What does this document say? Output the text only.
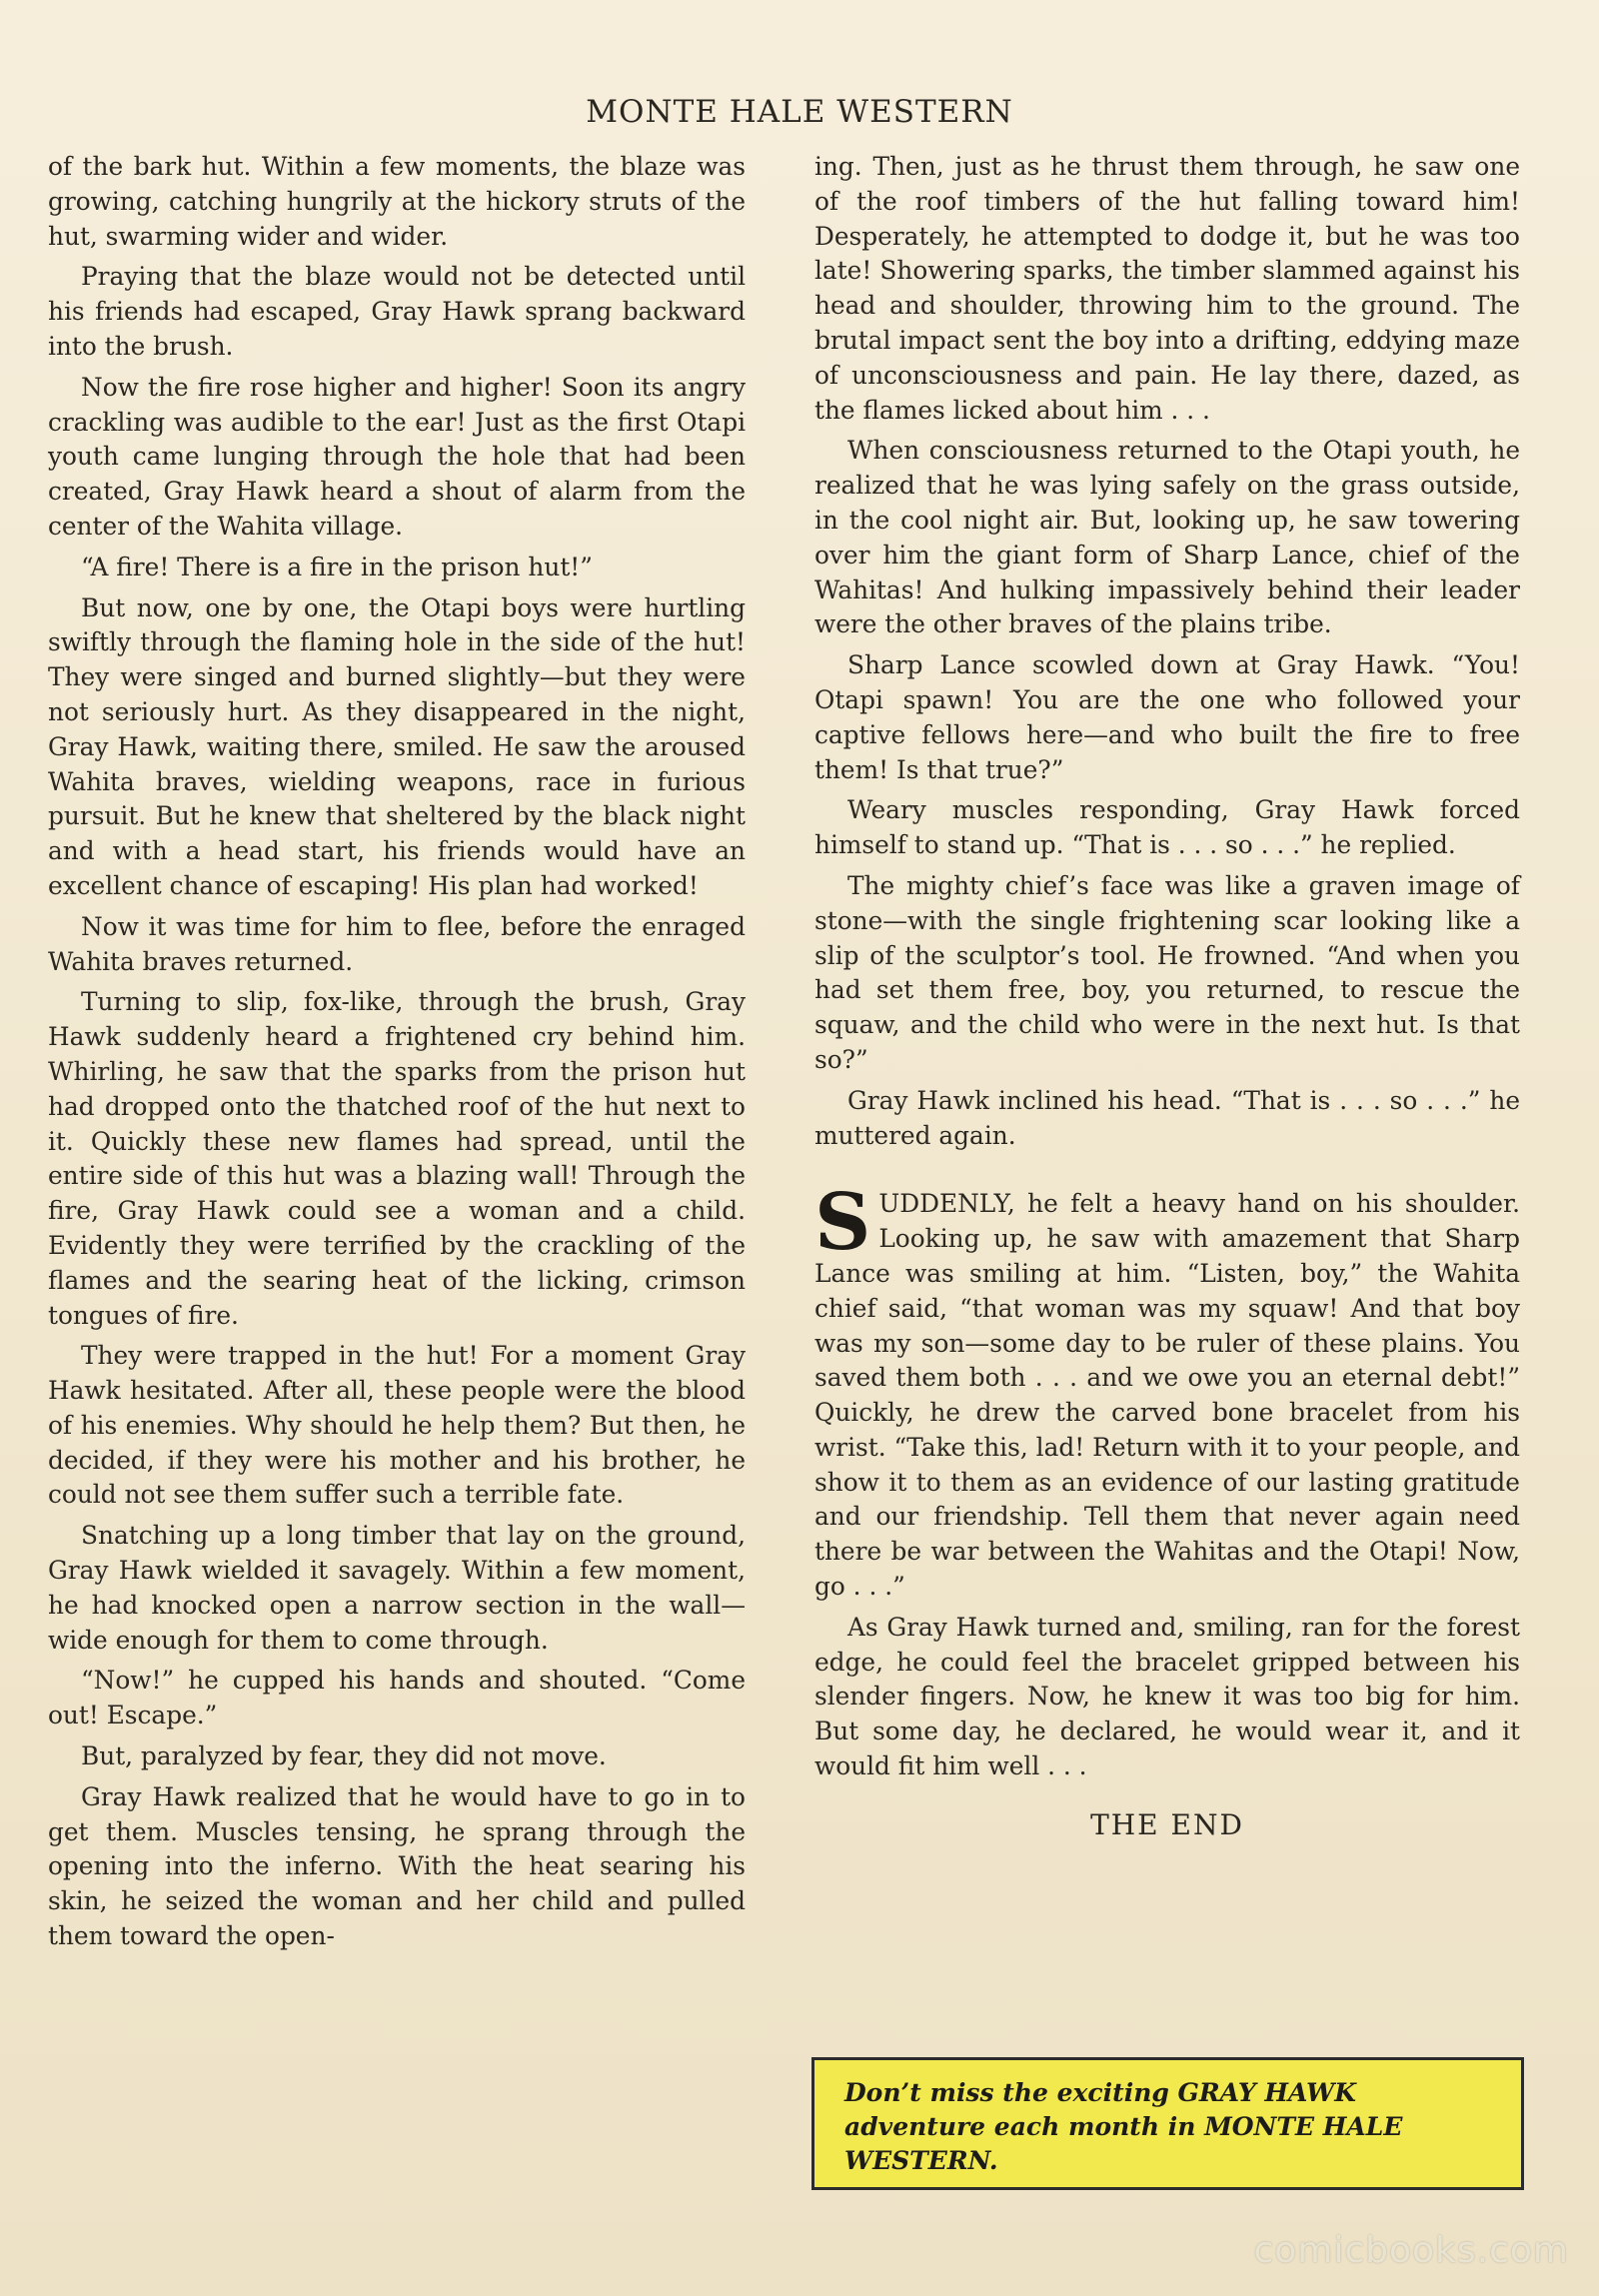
MONTE HALE WESTERN

of the bark hut. Within a few moments, the blaze was growing, catching hungrily at the hickory struts of the hut, swarming wider and wider.

Praying that the blaze would not be detected until his friends had escaped, Gray Hawk sprang backward into the brush.

Now the fire rose higher and higher! Soon its angry crackling was audible to the ear! Just as the first Otapi youth came lunging through the hole that had been created, Gray Hawk heard a shout of alarm from the center of the Wahita village.

“A fire! There is a fire in the prison hut!”

But now, one by one, the Otapi boys were hurtling swiftly through the flaming hole in the side of the hut! They were singed and burned slightly—but they were not seriously hurt. As they disappeared in the night, Gray Hawk, waiting there, smiled. He saw the aroused Wahita braves, wielding weapons, race in furious pursuit. But he knew that sheltered by the black night and with a head start, his friends would have an excellent chance of escaping! His plan had worked!

Now it was time for him to flee, before the enraged Wahita braves returned.

Turning to slip, fox-like, through the brush, Gray Hawk suddenly heard a frightened cry behind him. Whirling, he saw that the sparks from the prison hut had dropped onto the thatched roof of the hut next to it. Quickly these new flames had spread, until the entire side of this hut was a blazing wall! Through the fire, Gray Hawk could see a woman and a child. Evidently they were terrified by the crackling of the flames and the searing heat of the licking, crimson tongues of fire.

They were trapped in the hut! For a moment Gray Hawk hesitated. After all, these people were the blood of his enemies. Why should he help them? But then, he decided, if they were his mother and his brother, he could not see them suffer such a terrible fate.

Snatching up a long timber that lay on the ground, Gray Hawk wielded it savagely. Within a few moment, he had knocked open a narrow section in the wall—wide enough for them to come through.

“Now!” he cupped his hands and shouted. “Come out! Escape.”

But, paralyzed by fear, they did not move.

Gray Hawk realized that he would have to go in to get them. Muscles tensing, he sprang through the opening into the inferno. With the heat searing his skin, he seized the woman and her child and pulled them toward the open-

ing. Then, just as he thrust them through, he saw one of the roof timbers of the hut falling toward him! Desperately, he attempted to dodge it, but he was too late! Showering sparks, the timber slammed against his head and shoulder, throwing him to the ground. The brutal impact sent the boy into a drifting, eddying maze of unconsciousness and pain. He lay there, dazed, as the flames licked about him . . .

When consciousness returned to the Otapi youth, he realized that he was lying safely on the grass outside, in the cool night air. But, looking up, he saw towering over him the giant form of Sharp Lance, chief of the Wahitas! And hulking impassively behind their leader were the other braves of the plains tribe.

Sharp Lance scowled down at Gray Hawk. “You! Otapi spawn! You are the one who followed your captive fellows here—and who built the fire to free them! Is that true?”

Weary muscles responding, Gray Hawk forced himself to stand up. “That is . . . so . . .” he replied.

The mighty chief’s face was like a graven image of stone—with the single frightening scar looking like a slip of the sculptor’s tool. He frowned. “And when you had set them free, boy, you returned, to rescue the squaw, and the child who were in the next hut. Is that so?”

Gray Hawk inclined his head. “That is . . . so . . .” he muttered again.

SUDDENLY, he felt a heavy hand on his shoulder. Looking up, he saw with amazement that Sharp Lance was smiling at him. “Listen, boy,” the Wahita chief said, “that woman was my squaw! And that boy was my son—some day to be ruler of these plains. You saved them both . . . and we owe you an eternal debt!” Quickly, he drew the carved bone bracelet from his wrist. “Take this, lad! Return with it to your people, and show it to them as an evidence of our lasting gratitude and our friendship. Tell them that never again need there be war between the Wahitas and the Otapi! Now, go . . .”

As Gray Hawk turned and, smiling, ran for the forest edge, he could feel the bracelet gripped between his slender fingers. Now, he knew it was too big for him. But some day, he declared, he would wear it, and it would fit him well . . .

THE END
Don’t miss the exciting GRAY HAWK adventure each month in MONTE HALE WESTERN.
comicbooks.com
